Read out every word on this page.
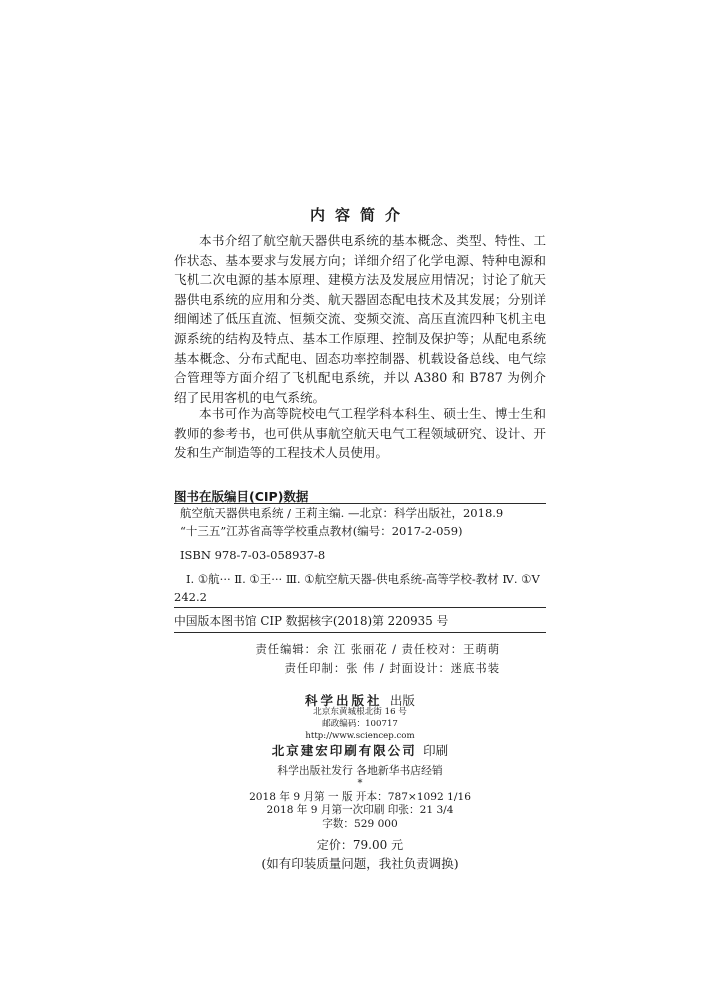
内容简介

本书介绍了航空航天器供电系统的基本概念、类型、特性、工作状态、基本要求与发展方向；详细介绍了化学电源、特种电源和飞机二次电源的基本原理、建模方法及发展应用情况；讨论了航天器供电系统的应用和分类、航天器固态配电技术及其发展；分别详细阐述了低压直流、恒频交流、变频交流、高压直流四种飞机主电源系统的结构及特点、基本工作原理、控制及保护等；从配电系统基本概念、分布式配电、固态功率控制器、机载设备总线、电气综合管理等方面介绍了飞机配电系统，并以 A380 和 B787 为例介绍了民用客机的电气系统。

本书可作为高等院校电气工程学科本科生、硕士生、博士生和教师的参考书，也可供从事航空航天电气工程领域研究、设计、开发和生产制造等的工程技术人员使用。

图书在版编目(CIP)数据
航空航天器供电系统 / 王莉主编. —北京：科学出版社，2018.9
“十三五”江苏省高等学校重点教材(编号：2017-2-059)
ISBN 978-7-03-058937-8

Ⅰ. ①航··· Ⅱ. ①王··· Ⅲ. ①航空航天器-供电系统-高等学校-教材 Ⅳ. ①V242.2

中国版本图书馆 CIP 数据核字(2018)第 220935 号
责任编辑：余 江 张丽花 / 责任校对：王萌萌
责任印制：张 伟 / 封面设计：迷底书装
科学出版社 出版
北京东黄城根北街 16 号
邮政编码：100717
http://www.sciencep.com
北京建宏印刷有限公司 印刷
科学出版社发行 各地新华书店经销
*
2018 年 9 月第 一 版 开本：787×1092 1/16
2018 年 9 月第一次印刷 印张：21 3/4
字数：529 000
定价：79.00 元
(如有印装质量问题，我社负责调换)
